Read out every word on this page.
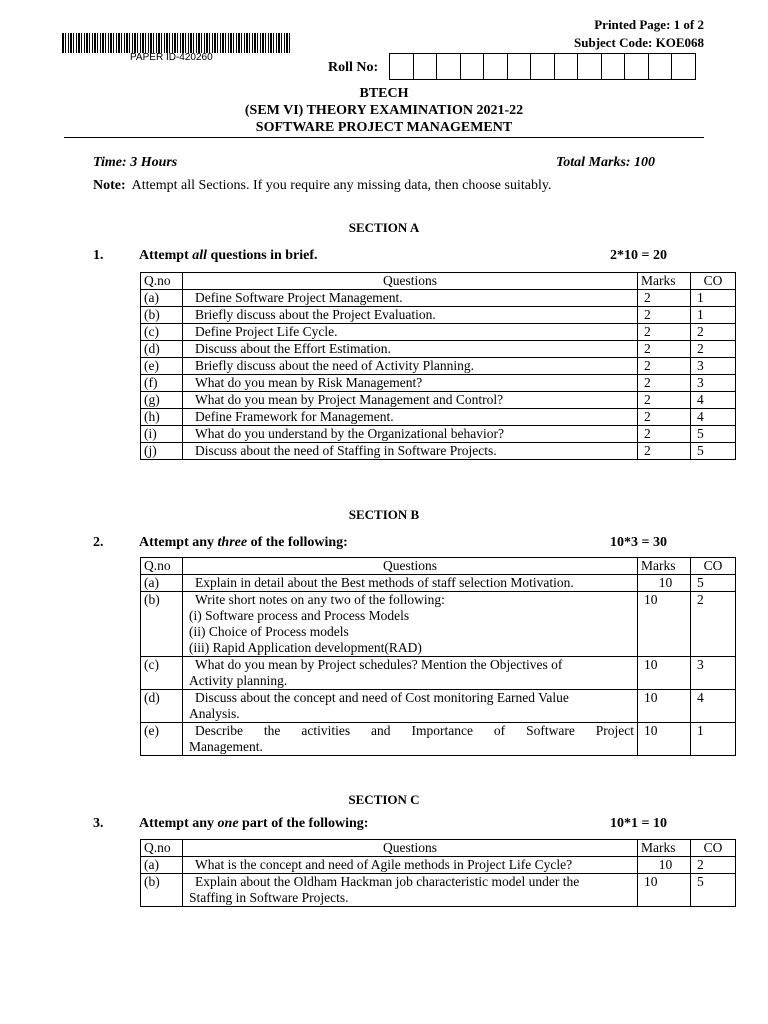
PAPER ID-420260
Printed Page: 1 of 2
Subject Code: KOE068
Roll No:
BTECH
(SEM VI) THEORY EXAMINATION 2021-22
SOFTWARE PROJECT MANAGEMENT
Time: 3 Hours	Total Marks: 100
Note: Attempt all Sections. If you require any missing data, then choose suitably.
SECTION A
1.	Attempt all questions in brief.	2*10 = 20
Q.no	Questions	Marks	CO
(a)	Define Software Project Management.	2	1
(b)	Briefly discuss about the Project Evaluation.	2	1
(c)	Define Project Life Cycle.	2	2
(d)	Discuss about the Effort Estimation.	2	2
(e)	Briefly discuss about the need of Activity Planning.	2	3
(f)	What do you mean by Risk Management?	2	3
(g)	What do you mean by Project Management and Control?	2	4
(h)	Define Framework for Management.	2	4
(i)	What do you understand by the Organizational behavior?	2	5
(j)	Discuss about the need of Staffing in Software Projects.	2	5
SECTION B
2.	Attempt any three of the following:	10*3 = 30
Q.no	Questions	Marks	CO
(a)	Explain in detail about the Best methods of staff selection Motivation.	10	5
(b)	Write short notes on any two of the following:
(i) Software process and Process Models
(ii) Choice of Process models
(iii) Rapid Application development(RAD)	10	2
(c)	What do you mean by Project schedules? Mention the Objectives of
Activity planning.	10	3
(d)	Discuss about the concept and need of Cost monitoring Earned Value
Analysis.	10	4
(e)	Describe the activities and Importance of Software Project
Management.	10	1
SECTION C
3.	Attempt any one part of the following:	10*1 = 10
Q.no	Questions	Marks	CO
(a)	What is the concept and need of Agile methods in Project Life Cycle?	10	2
(b)	Explain about the Oldham Hackman job characteristic model under the
Staffing in Software Projects.	10	5
